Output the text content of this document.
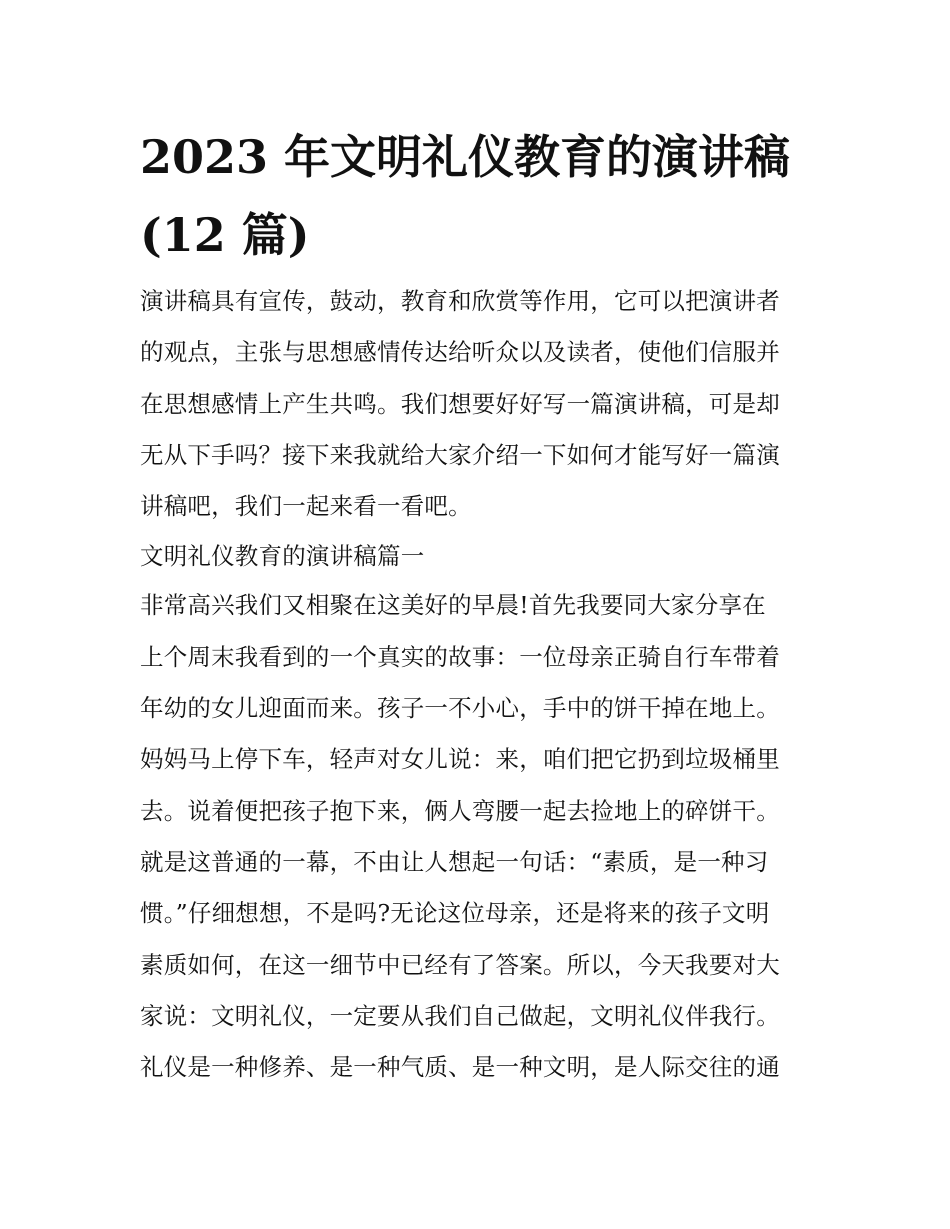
2023 年文明礼仪教育的演讲稿
(12 篇)
演讲稿具有宣传，鼓动，教育和欣赏等作用，它可以把演讲者
的观点，主张与思想感情传达给听众以及读者，使他们信服并
在思想感情上产生共鸣。我们想要好好写一篇演讲稿，可是却
无从下手吗？接下来我就给大家介绍一下如何才能写好一篇演
讲稿吧，我们一起来看一看吧。
文明礼仪教育的演讲稿篇一
非常高兴我们又相聚在这美好的早晨!首先我要同大家分享在
上个周末我看到的一个真实的故事：一位母亲正骑自行车带着
年幼的女儿迎面而来。孩子一不小心，手中的饼干掉在地上。
妈妈马上停下车，轻声对女儿说：来，咱们把它扔到垃圾桶里
去。说着便把孩子抱下来，俩人弯腰一起去捡地上的碎饼干。
就是这普通的一幕，不由让人想起一句话：“素质，是一种习
惯。”仔细想想，不是吗?无论这位母亲，还是将来的孩子文明
素质如何，在这一细节中已经有了答案。所以，今天我要对大
家说：文明礼仪，一定要从我们自己做起，文明礼仪伴我行。
礼仪是一种修养、是一种气质、是一种文明，是人际交往的通
